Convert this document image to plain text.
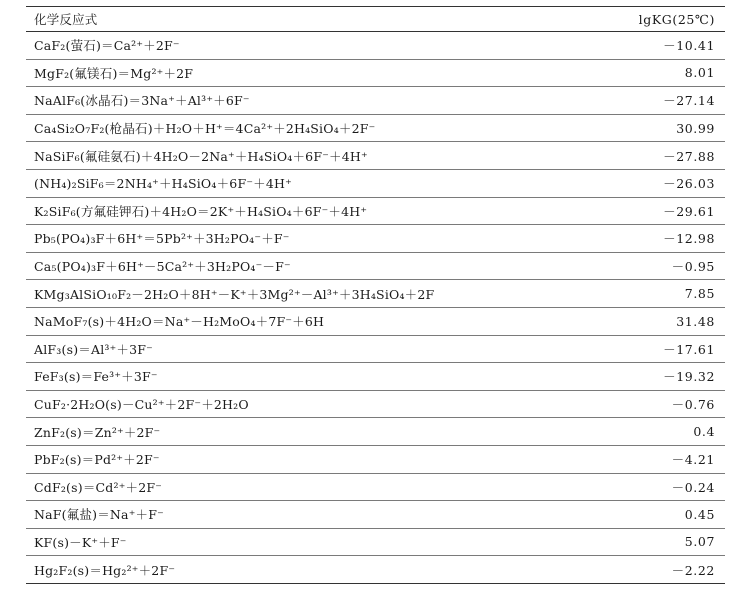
化学反应式	lgKG(25℃)
CaF₂(萤石)＝Ca²⁺＋2F⁻	－10.41
MgF₂(氟镁石)＝Mg²⁺＋2F	8.01
NaAlF₆(冰晶石)＝3Na⁺＋Al³⁺＋6F⁻	－27.14
Ca₄Si₂O₇F₂(枪晶石)＋H₂O＋H⁺＝4Ca²⁺＋2H₄SiO₄＋2F⁻	30.99
NaSiF₆(氟硅氨石)＋4H₂O－2Na⁺＋H₄SiO₄＋6F⁻＋4H⁺	－27.88
(NH₄)₂SiF₆＝2NH₄⁺＋H₄SiO₄＋6F⁻＋4H⁺	－26.03
K₂SiF₆(方氟硅钾石)＋4H₂O＝2K⁺＋H₄SiO₄＋6F⁻＋4H⁺	－29.61
Pb₅(PO₄)₃F＋6H⁺＝5Pb²⁺＋3H₂PO₄⁻＋F⁻	－12.98
Ca₅(PO₄)₃F＋6H⁺－5Ca²⁺＋3H₂PO₄⁻－F⁻	－0.95
KMg₃AlSiO₁₀F₂－2H₂O＋8H⁺－K⁺＋3Mg²⁺－Al³⁺＋3H₄SiO₄＋2F	7.85
NaMoF₇(s)＋4H₂O＝Na⁺－H₂MoO₄＋7F⁻＋6H	31.48
AlF₃(s)＝Al³⁺＋3F⁻	－17.61
FeF₃(s)＝Fe³⁺＋3F⁻	－19.32
CuF₂·2H₂O(s)－Cu²⁺＋2F⁻＋2H₂O	－0.76
ZnF₂(s)＝Zn²⁺＋2F⁻	0.4
PbF₂(s)＝Pd²⁺＋2F⁻	－4.21
CdF₂(s)＝Cd²⁺＋2F⁻	－0.24
NaF(氟盐)＝Na⁺＋F⁻	0.45
KF(s)－K⁺＋F⁻	5.07
Hg₂F₂(s)＝Hg₂²⁺＋2F⁻	－2.22
